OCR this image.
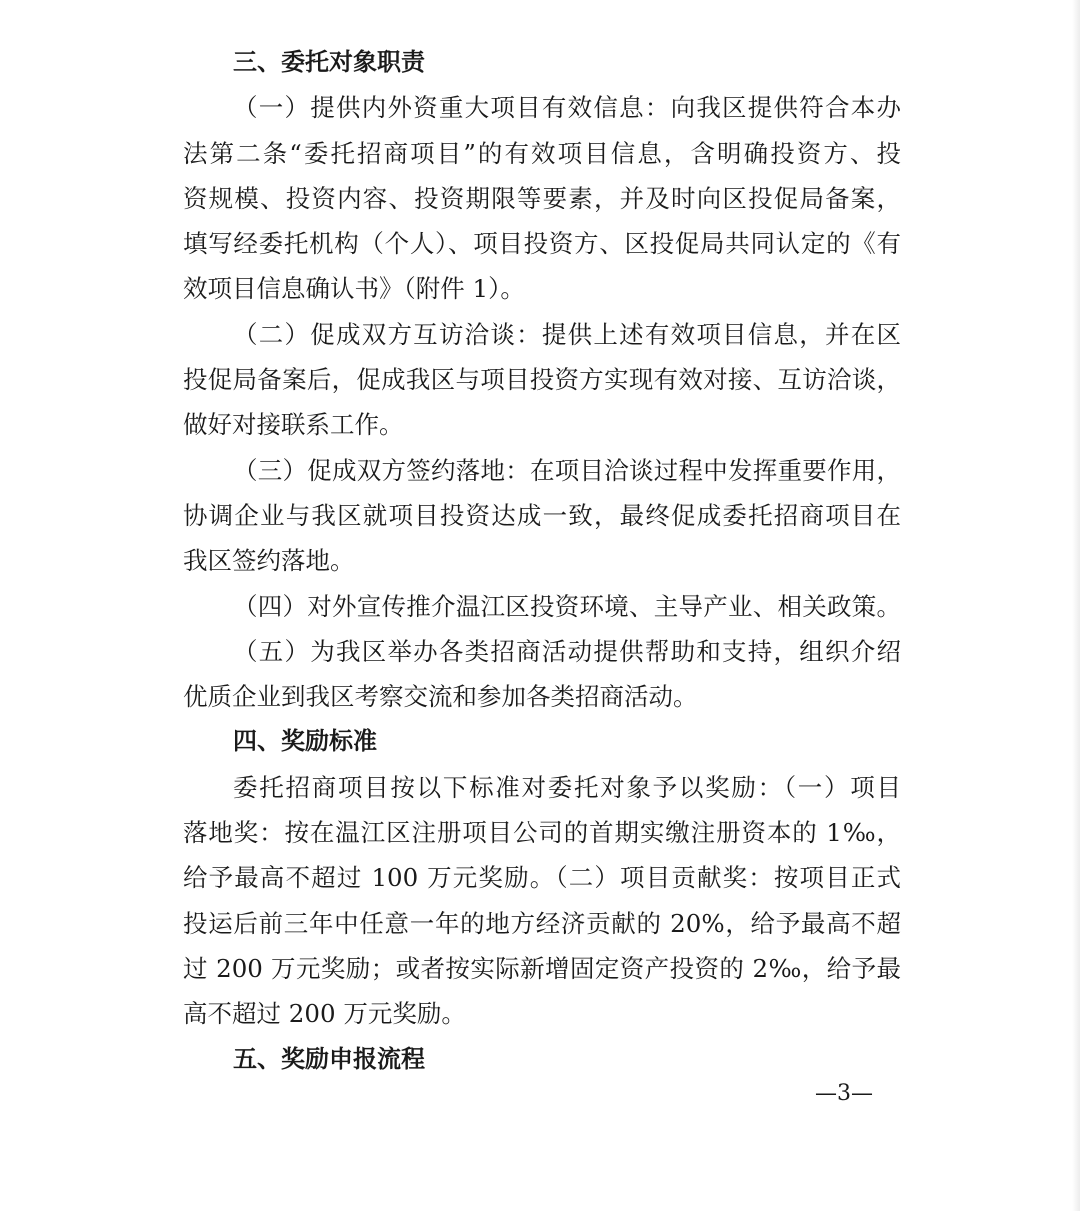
三、委托对象职责
（一）提供内外资重大项目有效信息：向我区提供符合本办
法第二条“委托招商项目”的有效项目信息，含明确投资方、投
资规模、投资内容、投资期限等要素，并及时向区投促局备案，
填写经委托机构（个人）、项目投资方、区投促局共同认定的《有
效项目信息确认书》（附件 1）。
（二）促成双方互访洽谈：提供上述有效项目信息，并在区
投促局备案后，促成我区与项目投资方实现有效对接、互访洽谈，
做好对接联系工作。
（三）促成双方签约落地：在项目洽谈过程中发挥重要作用，
协调企业与我区就项目投资达成一致，最终促成委托招商项目在
我区签约落地。
（四）对外宣传推介温江区投资环境、主导产业、相关政策。
（五）为我区举办各类招商活动提供帮助和支持，组织介绍
优质企业到我区考察交流和参加各类招商活动。
四、奖励标准
委托招商项目按以下标准对委托对象予以奖励：（一）项目
落地奖：按在温江区注册项目公司的首期实缴注册资本的 1‰，
给予最高不超过 100 万元奖励。（二）项目贡献奖：按项目正式
投运后前三年中任意一年的地方经济贡献的 20%，给予最高不超
过 200 万元奖励；或者按实际新增固定资产投资的 2‰，给予最
高不超过 200 万元奖励。
五、奖励申报流程
—3—
